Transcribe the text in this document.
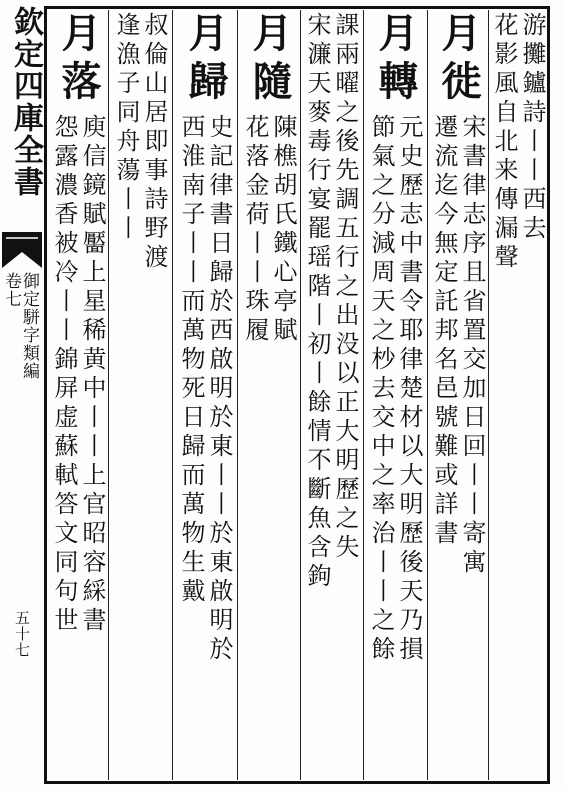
欽定四庫全書
御定駢字類編
卷七
五十七
游攤鑪詩丨丨西去
花影風自北来傳漏聲
月徙
宋書律志序且省置交加日回丨丨寄寓
遷流迄今無定託邦名邑號難或詳書
月轉
元史歷志中書令耶律楚材以大明歷後天乃損
節氣之分減周天之杪去交中之率治丨丨之餘
課兩曜之後先調五行之出没以正大明歷之失
宋濂天麥毒行宴罷瑶階丨初丨餘情不斷魚含鉤
月隨
陳樵胡氏鐵心亭賦
花落金荷丨丨珠履
月歸
史記律書日歸於西啟明於東丨丨於東啟明於
西淮南子丨丨而萬物死日歸而萬物生戴
叔倫山居即事詩野渡
逢漁子同舟蕩丨丨
月落
庾信鏡賦靨上星稀黄中丨丨上官昭容綵書
怨露濃香被冷丨丨錦屏虚蘇軾答文同句世
